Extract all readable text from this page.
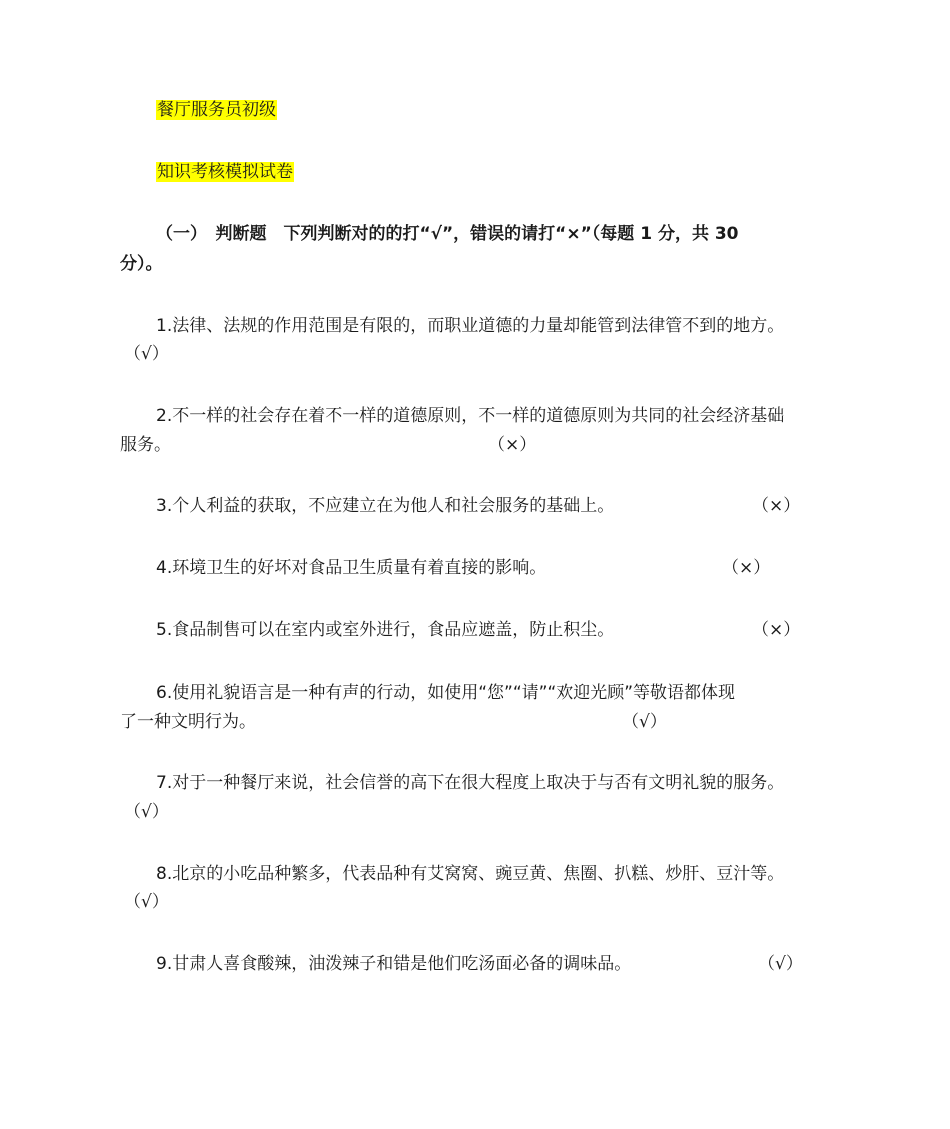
餐厅服务员初级
知识考核模拟试卷
（一）　判断题　下列判断对的的打“√”，错误的请打“×”（每题 1 分，共 30
分）。
1.法律、法规的作用范围是有限的，而职业道德的力量却能管到法律管不到的地方。
（√）
2.不一样的社会存在着不一样的道德原则，不一样的道德原则为共同的社会经济基础
服务。	（×）
3.个人利益的获取，不应建立在为他人和社会服务的基础上。	（×）
4.环境卫生的好坏对食品卫生质量有着直接的影响。	（×）
5.食品制售可以在室内或室外进行，食品应遮盖，防止积尘。	（×）
6.使用礼貌语言是一种有声的行动，如使用“您”“请”“欢迎光顾”等敬语都体现
了一种文明行为。	（√）
7.对于一种餐厅来说，社会信誉的高下在很大程度上取决于与否有文明礼貌的服务。
（√）
8.北京的小吃品种繁多，代表品种有艾窝窝、豌豆黄、焦圈、扒糕、炒肝、豆汁等。
（√）
9.甘肃人喜食酸辣，油泼辣子和错是他们吃汤面必备的调味品。	（√）
